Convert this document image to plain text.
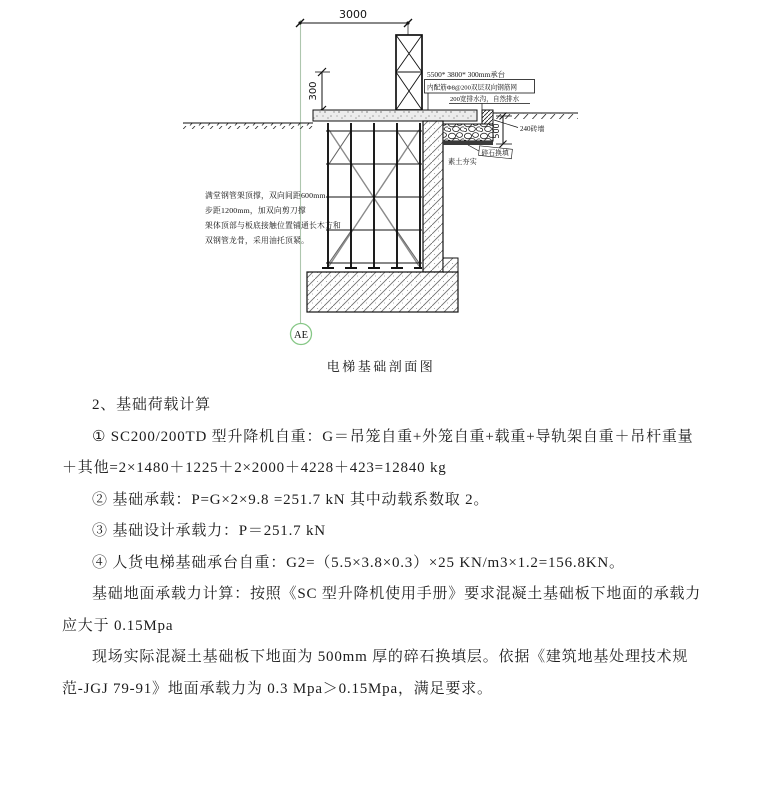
3000
300
500
5500* 3800* 300mm承台
内配筋Φ8@200双层双向钢筋网
200宽排水沟，自然排水
240砖墙
碎石换填
素土夯实
满堂钢管架顶撑，双向间距600mm
步距1200mm，加双向剪刀撑
架体顶部与板底接触位置铺通长木方和
双钢管龙骨，采用油托顶紧。
AE
电梯基础剖面图

2、基础荷载计算

① SC200/200TD 型升降机自重：G＝吊笼自重+外笼自重+载重+导轨架自重＋吊杆重量＋其他=2×1480＋1225＋2×2000＋4228＋423=12840 kg

② 基础承载：P=G×2×9.8 =251.7 kN 其中动载系数取 2。

③ 基础设计承载力：P＝251.7 kN

④ 人货电梯基础承台自重：G2=（5.5×3.8×0.3）×25 KN/m3×1.2=156.8KN。

基础地面承载力计算：按照《SC 型升降机使用手册》要求混凝土基础板下地面的承载力应大于 0.15Mpa

现场实际混凝土基础板下地面为 500mm 厚的碎石换填层。依据《建筑地基处理技术规范-JGJ 79-91》地面承载力为 0.3 Mpa＞0.15Mpa，满足要求。
